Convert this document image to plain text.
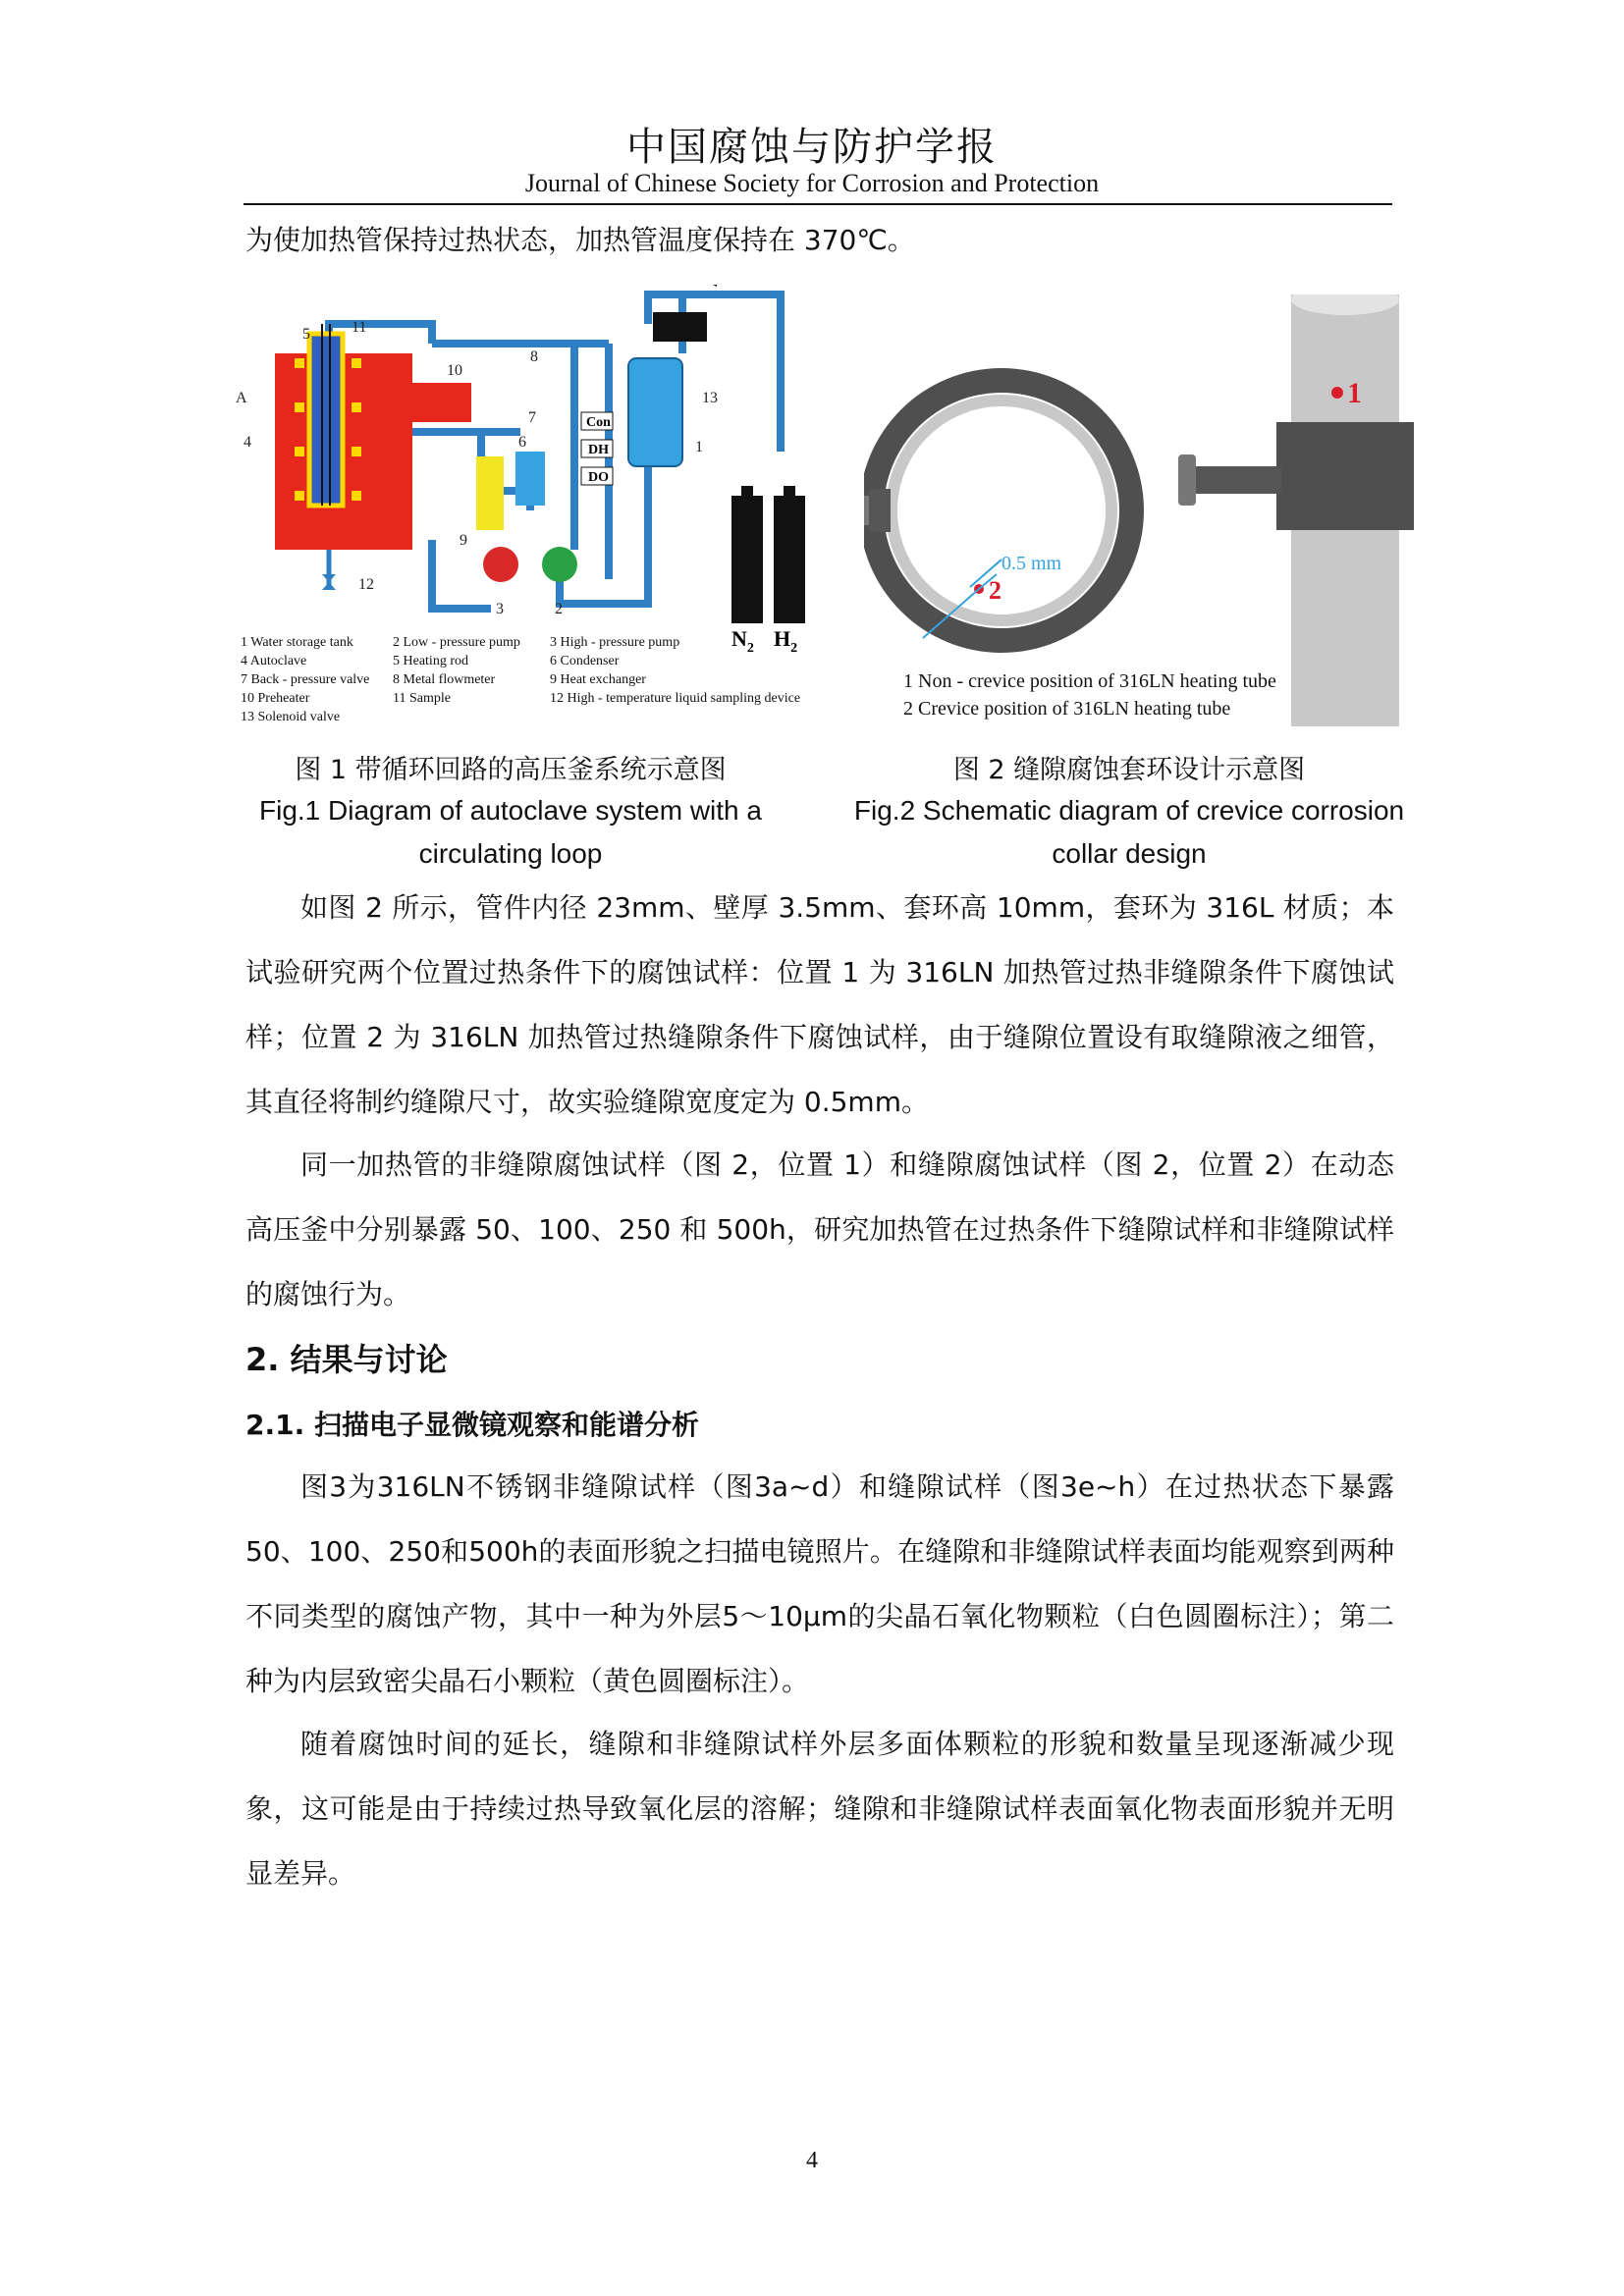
中国腐蚀与防护学报
Journal of Chinese Society for Corrosion and Protection
为使加热管保持过热状态，加热管温度保持在 370℃。
Con
DH
DO
A
4
5	11
10
8
7
6
9
12
13
1
3	2
$N_2$ $H_2$
1 Water storage tank
4 Autoclave
7 Back - pressure valve
10 Preheater
13 Solenoid valve
2 Low - pressure pump
5 Heating rod
8 Metal flowmeter
11 Sample
3 High - pressure pump
6 Condenser
9 Heat exchanger
12 High - temperature liquid sampling device
0.5 mm
2
1
1 Non - crevice position of 316LN heating tube
2 Crevice position of 316LN heating tube
图 1 带循环回路的高压釜系统示意图
Fig.1 Diagram of autoclave system with a circulating loop
图 2 缝隙腐蚀套环设计示意图
Fig.2 Schematic diagram of crevice corrosion collar design
如图 2 所示，管件内径 23mm、壁厚 3.5mm、套环高 10mm，套环为 316L 材质；本试验研究两个位置过热条件下的腐蚀试样：位置 1 为 316LN 加热管过热非缝隙条件下腐蚀试样；位置 2 为 316LN 加热管过热缝隙条件下腐蚀试样，由于缝隙位置设有取缝隙液之细管，其直径将制约缝隙尺寸，故实验缝隙宽度定为 0.5mm。
同一加热管的非缝隙腐蚀试样（图 2，位置 1）和缝隙腐蚀试样（图 2，位置 2）在动态高压釜中分别暴露 50、100、250 和 500h，研究加热管在过热条件下缝隙试样和非缝隙试样的腐蚀行为。
2. 结果与讨论
2.1. 扫描电子显微镜观察和能谱分析
图3为316LN不锈钢非缝隙试样（图3a~d）和缝隙试样（图3e~h）在过热状态下暴露50、100、250和500h的表面形貌之扫描电镜照片。在缝隙和非缝隙试样表面均能观察到两种不同类型的腐蚀产物，其中一种为外层5～10μm的尖晶石氧化物颗粒（白色圆圈标注）；第二种为内层致密尖晶石小颗粒（黄色圆圈标注）。
随着腐蚀时间的延长，缝隙和非缝隙试样外层多面体颗粒的形貌和数量呈现逐渐减少现象，这可能是由于持续过热导致氧化层的溶解；缝隙和非缝隙试样表面氧化物表面形貌并无明显差异。
4
